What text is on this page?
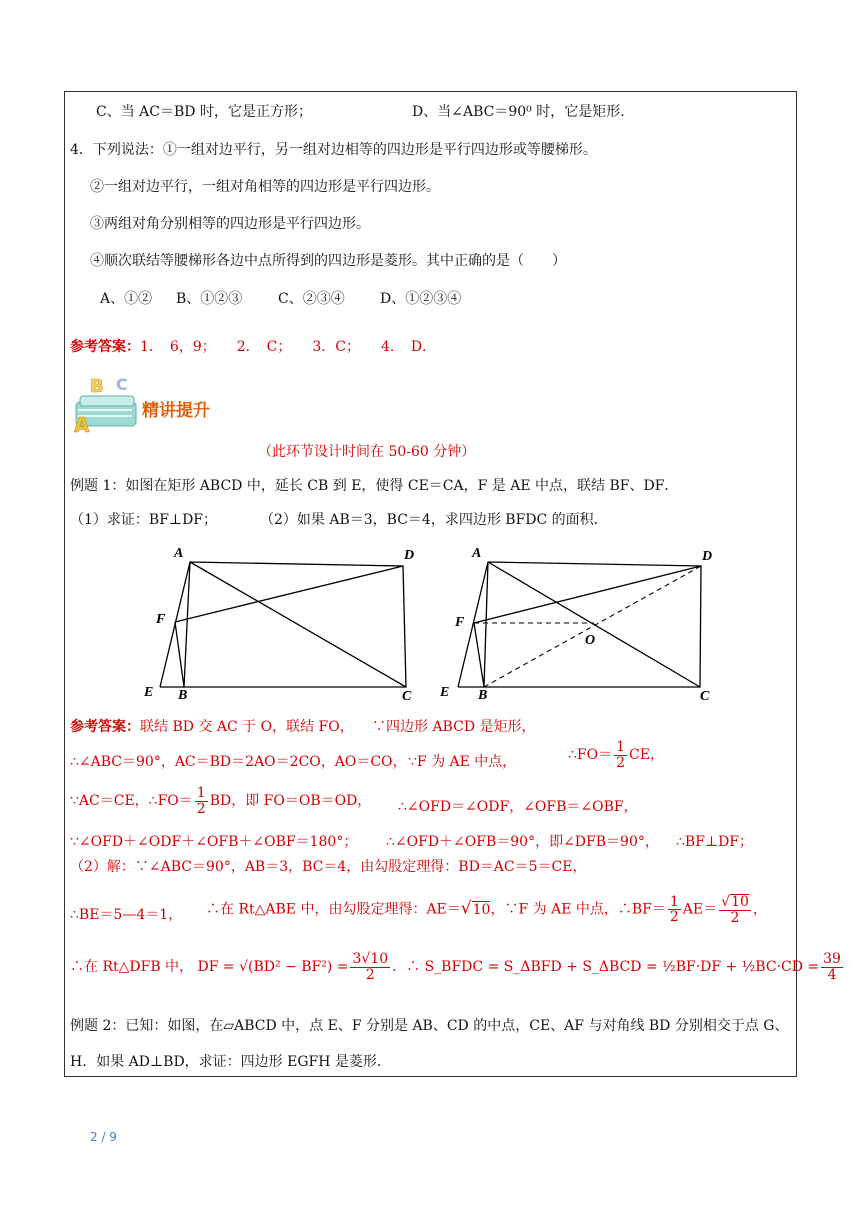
C、当 AC＝BD 时，它是正方形；	D、当∠ABC＝90⁰ 时，它是矩形.
4．下列说法：①一组对边平行，另一组对边相等的四边形是平行四边形或等腰梯形。
②一组对边平行，一组对角相等的四边形是平行四边形。
③两组对角分别相等的四边形是平行四边形。
④顺次联结等腰梯形各边中点所得到的四边形是菱形。其中正确的是（　　）
A、①② B、①②③	C、②③④	D、①②③④
参考答案：1．　6，9；　　2．　C；　　3．C；　　4．　D．
A
B C
精讲提升
（此环节设计时间在 50-60 分钟）
例题 1：如图在矩形 ABCD 中，延长 CB 到 E，使得 CE＝CA，F 是 AE 中点，联结 BF、DF．
（1）求证：BF⊥DF；	（2）如果 AB＝3，BC＝4，求四边形 BFDC 的面积．
A	D
F
E B	C
A	D
F
O
E B	C
参考答案：联结 BD 交 AC 于 O，联结 FO， ∵四边形 ABCD 是矩形，
∴∠ABC＝90°，AC＝BD＝2AO＝2CO，AO＝CO， ∵F 为 AE 中点，	∴FO＝ $\frac{1}{2}$ CE，
∵AC＝CE，∴FO＝ $\frac{1}{2}$ BD，即 FO＝OB＝OD， ∴∠OFD＝∠ODF，∠OFB＝∠OBF，
∵∠OFD＋∠ODF＋∠OFB＋∠OBF＝180°； ∴∠OFD＋∠OFB＝90°，即∠DFB＝90°， ∴BF⊥DF；
（2）解：∵∠ABC＝90°，AB＝3，BC＝4，由勾股定理得：BD＝AC＝5＝CE，
∴BE＝5—4＝1， ∴在 Rt△ABE 中，由勾股定理得：AE＝√10，∵F 为 AE 中点，∴BF＝ $\frac{1}{2} AE= \frac{√10}{2}$ ，
∴在 Rt△DFB 中， DF = $√(BD^2 - BF^2) = \frac{3√10}{2}$ ．∴ S_BFDC = S_ΔBFD + S_ΔBCD = ½BF·DF + ½BC·CD = $\frac{39}{4}$
例题 2：已知：如图，在▱ABCD 中，点 E、F 分别是 AB、CD 的中点，CE、AF 与对角线 BD 分别相交于点 G、
H．如果 AD⊥BD，求证：四边形 EGFH 是菱形．
2 / 9
